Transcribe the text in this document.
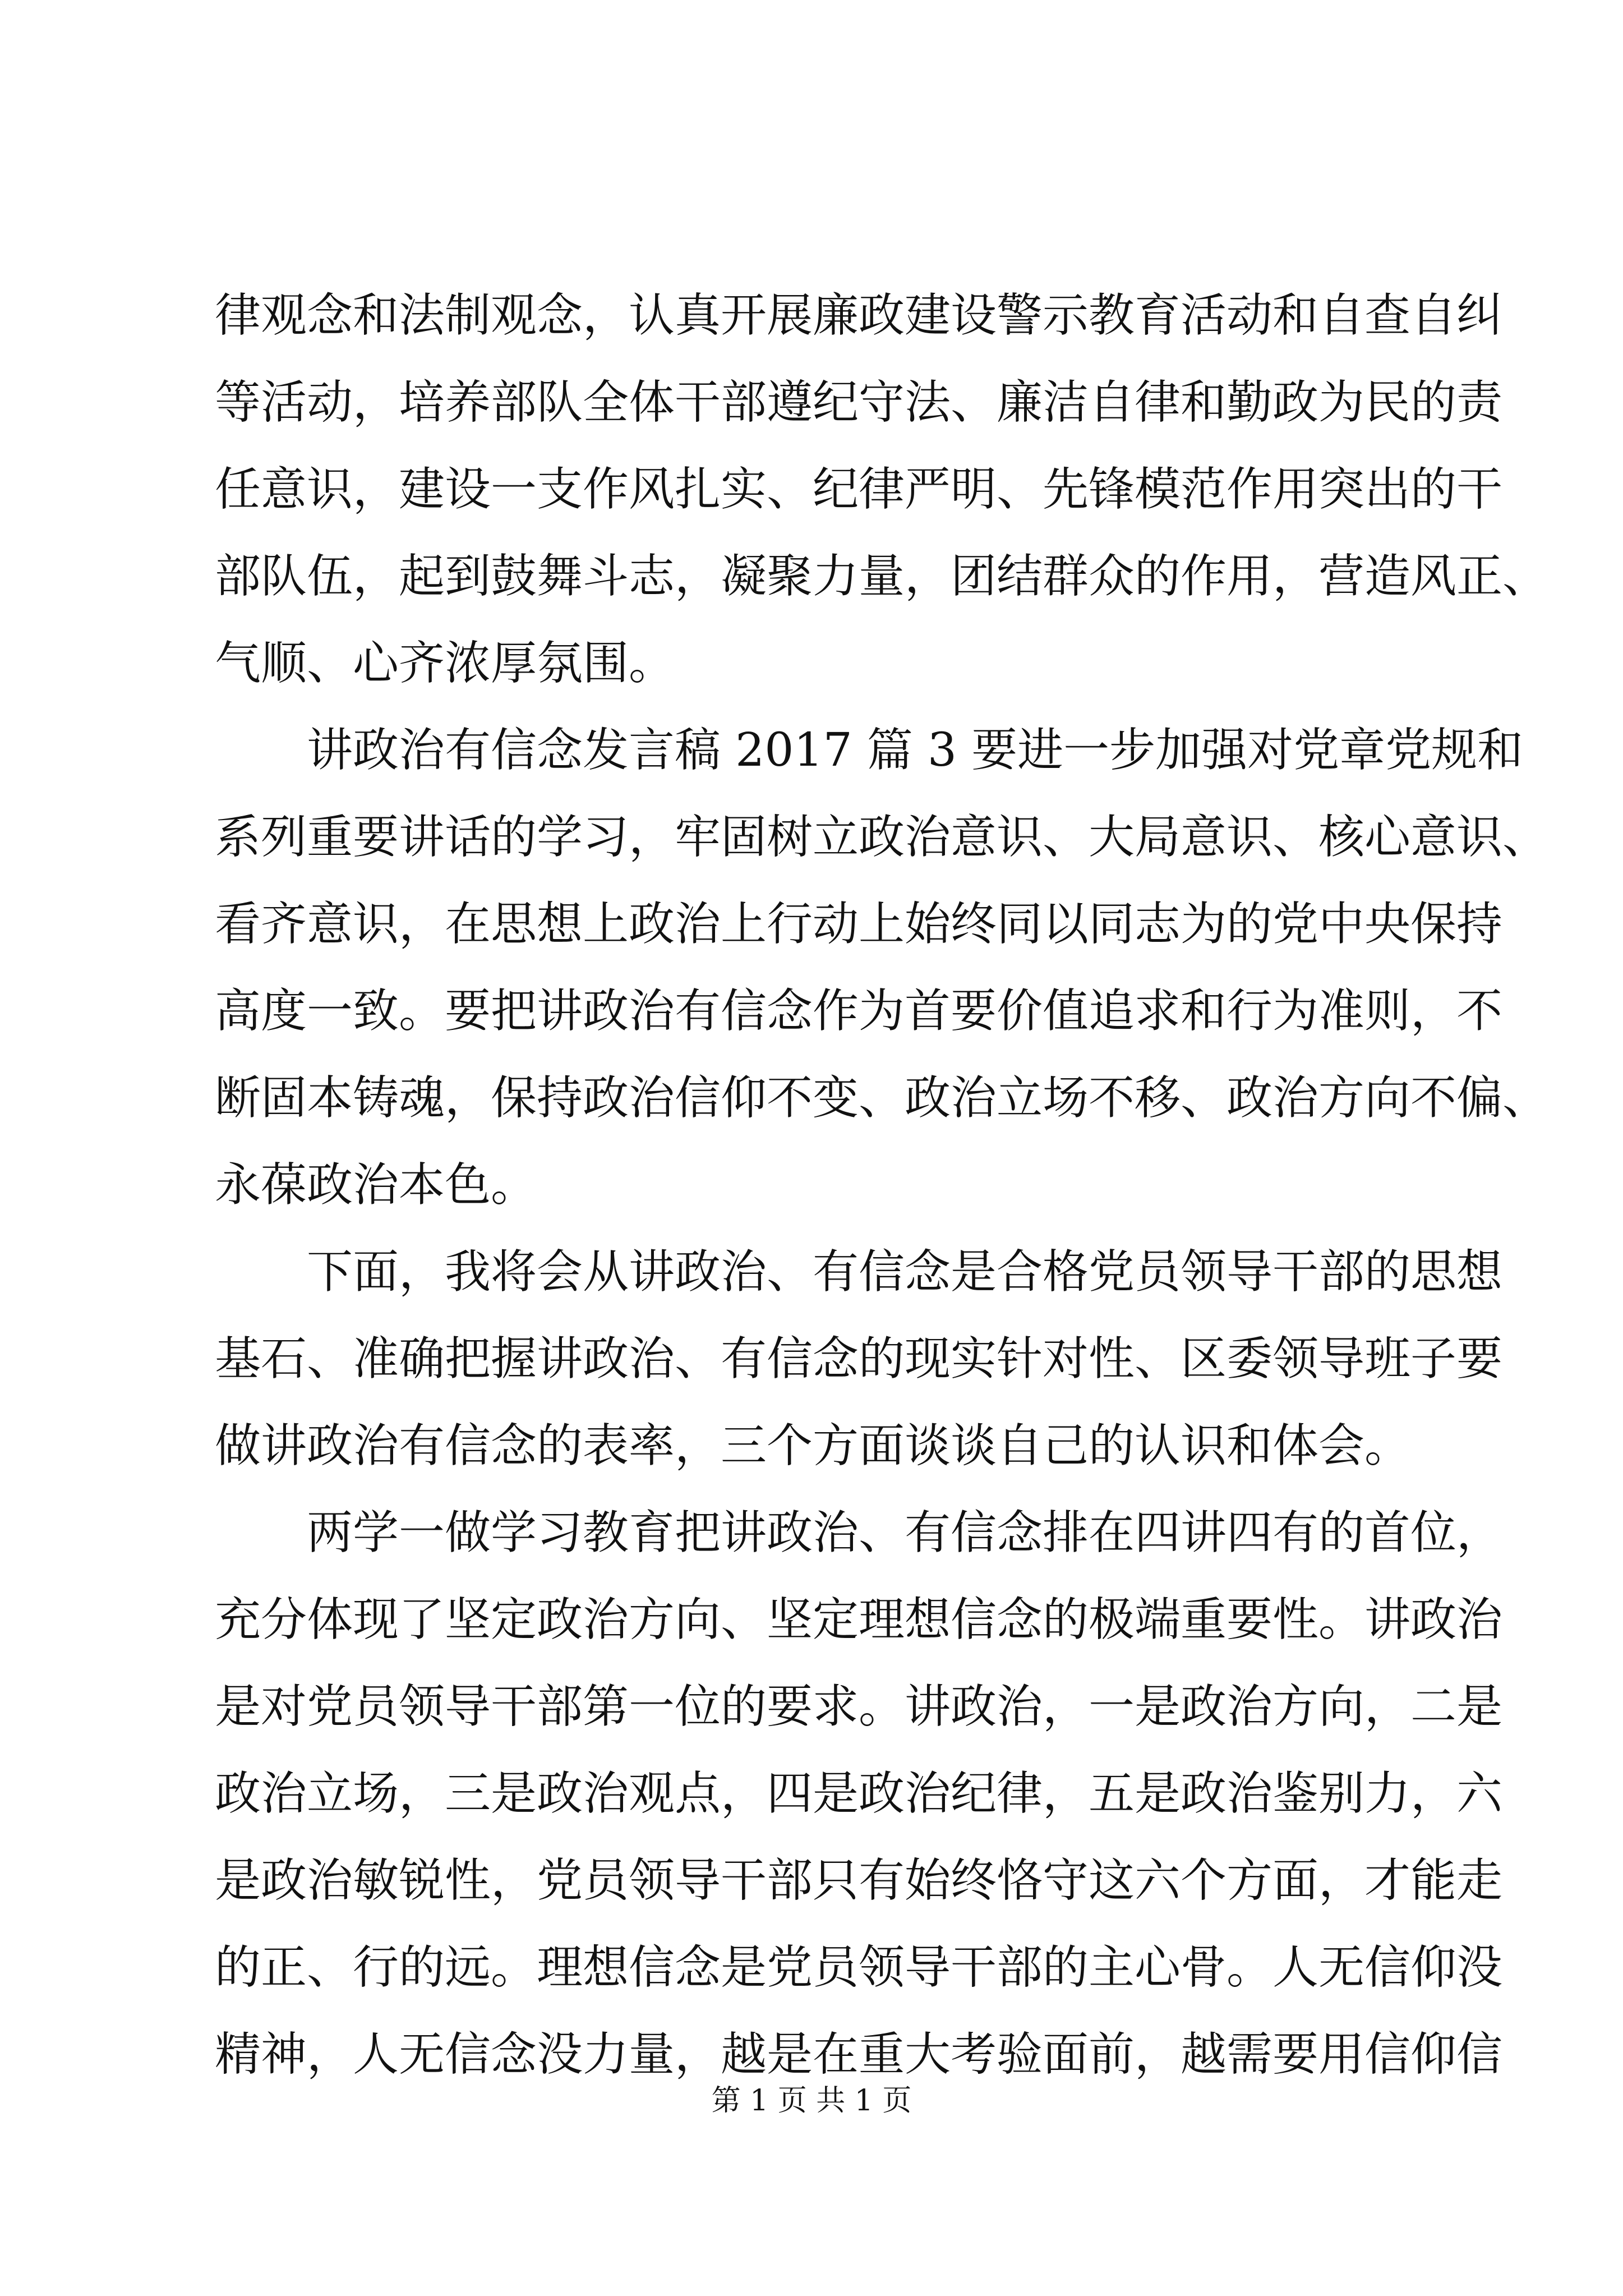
律观念和法制观念，认真开展廉政建设警示教育活动和自查自纠
等活动，培养部队全体干部遵纪守法、廉洁自律和勤政为民的责
任意识，建设一支作风扎实、纪律严明、先锋模范作用突出的干
部队伍，起到鼓舞斗志，凝聚力量，团结群众的作用，营造风正、
气顺、心齐浓厚氛围。
讲政治有信念发言稿 2017 篇 3 要进一步加强对党章党规和
系列重要讲话的学习，牢固树立政治意识、大局意识、核心意识、
看齐意识，在思想上政治上行动上始终同以同志为的党中央保持
高度一致。要把讲政治有信念作为首要价值追求和行为准则，不
断固本铸魂，保持政治信仰不变、政治立场不移、政治方向不偏、
永葆政治本色。
下面，我将会从讲政治、有信念是合格党员领导干部的思想
基石、准确把握讲政治、有信念的现实针对性、区委领导班子要
做讲政治有信念的表率，三个方面谈谈自己的认识和体会。
两学一做学习教育把讲政治、有信念排在四讲四有的首位，
充分体现了坚定政治方向、坚定理想信念的极端重要性。讲政治
是对党员领导干部第一位的要求。讲政治，一是政治方向，二是
政治立场，三是政治观点，四是政治纪律，五是政治鉴别力，六
是政治敏锐性，党员领导干部只有始终恪守这六个方面，才能走
的正、行的远。理想信念是党员领导干部的主心骨。人无信仰没
精神，人无信念没力量，越是在重大考验面前，越需要用信仰信
第 1 页 共 1 页
